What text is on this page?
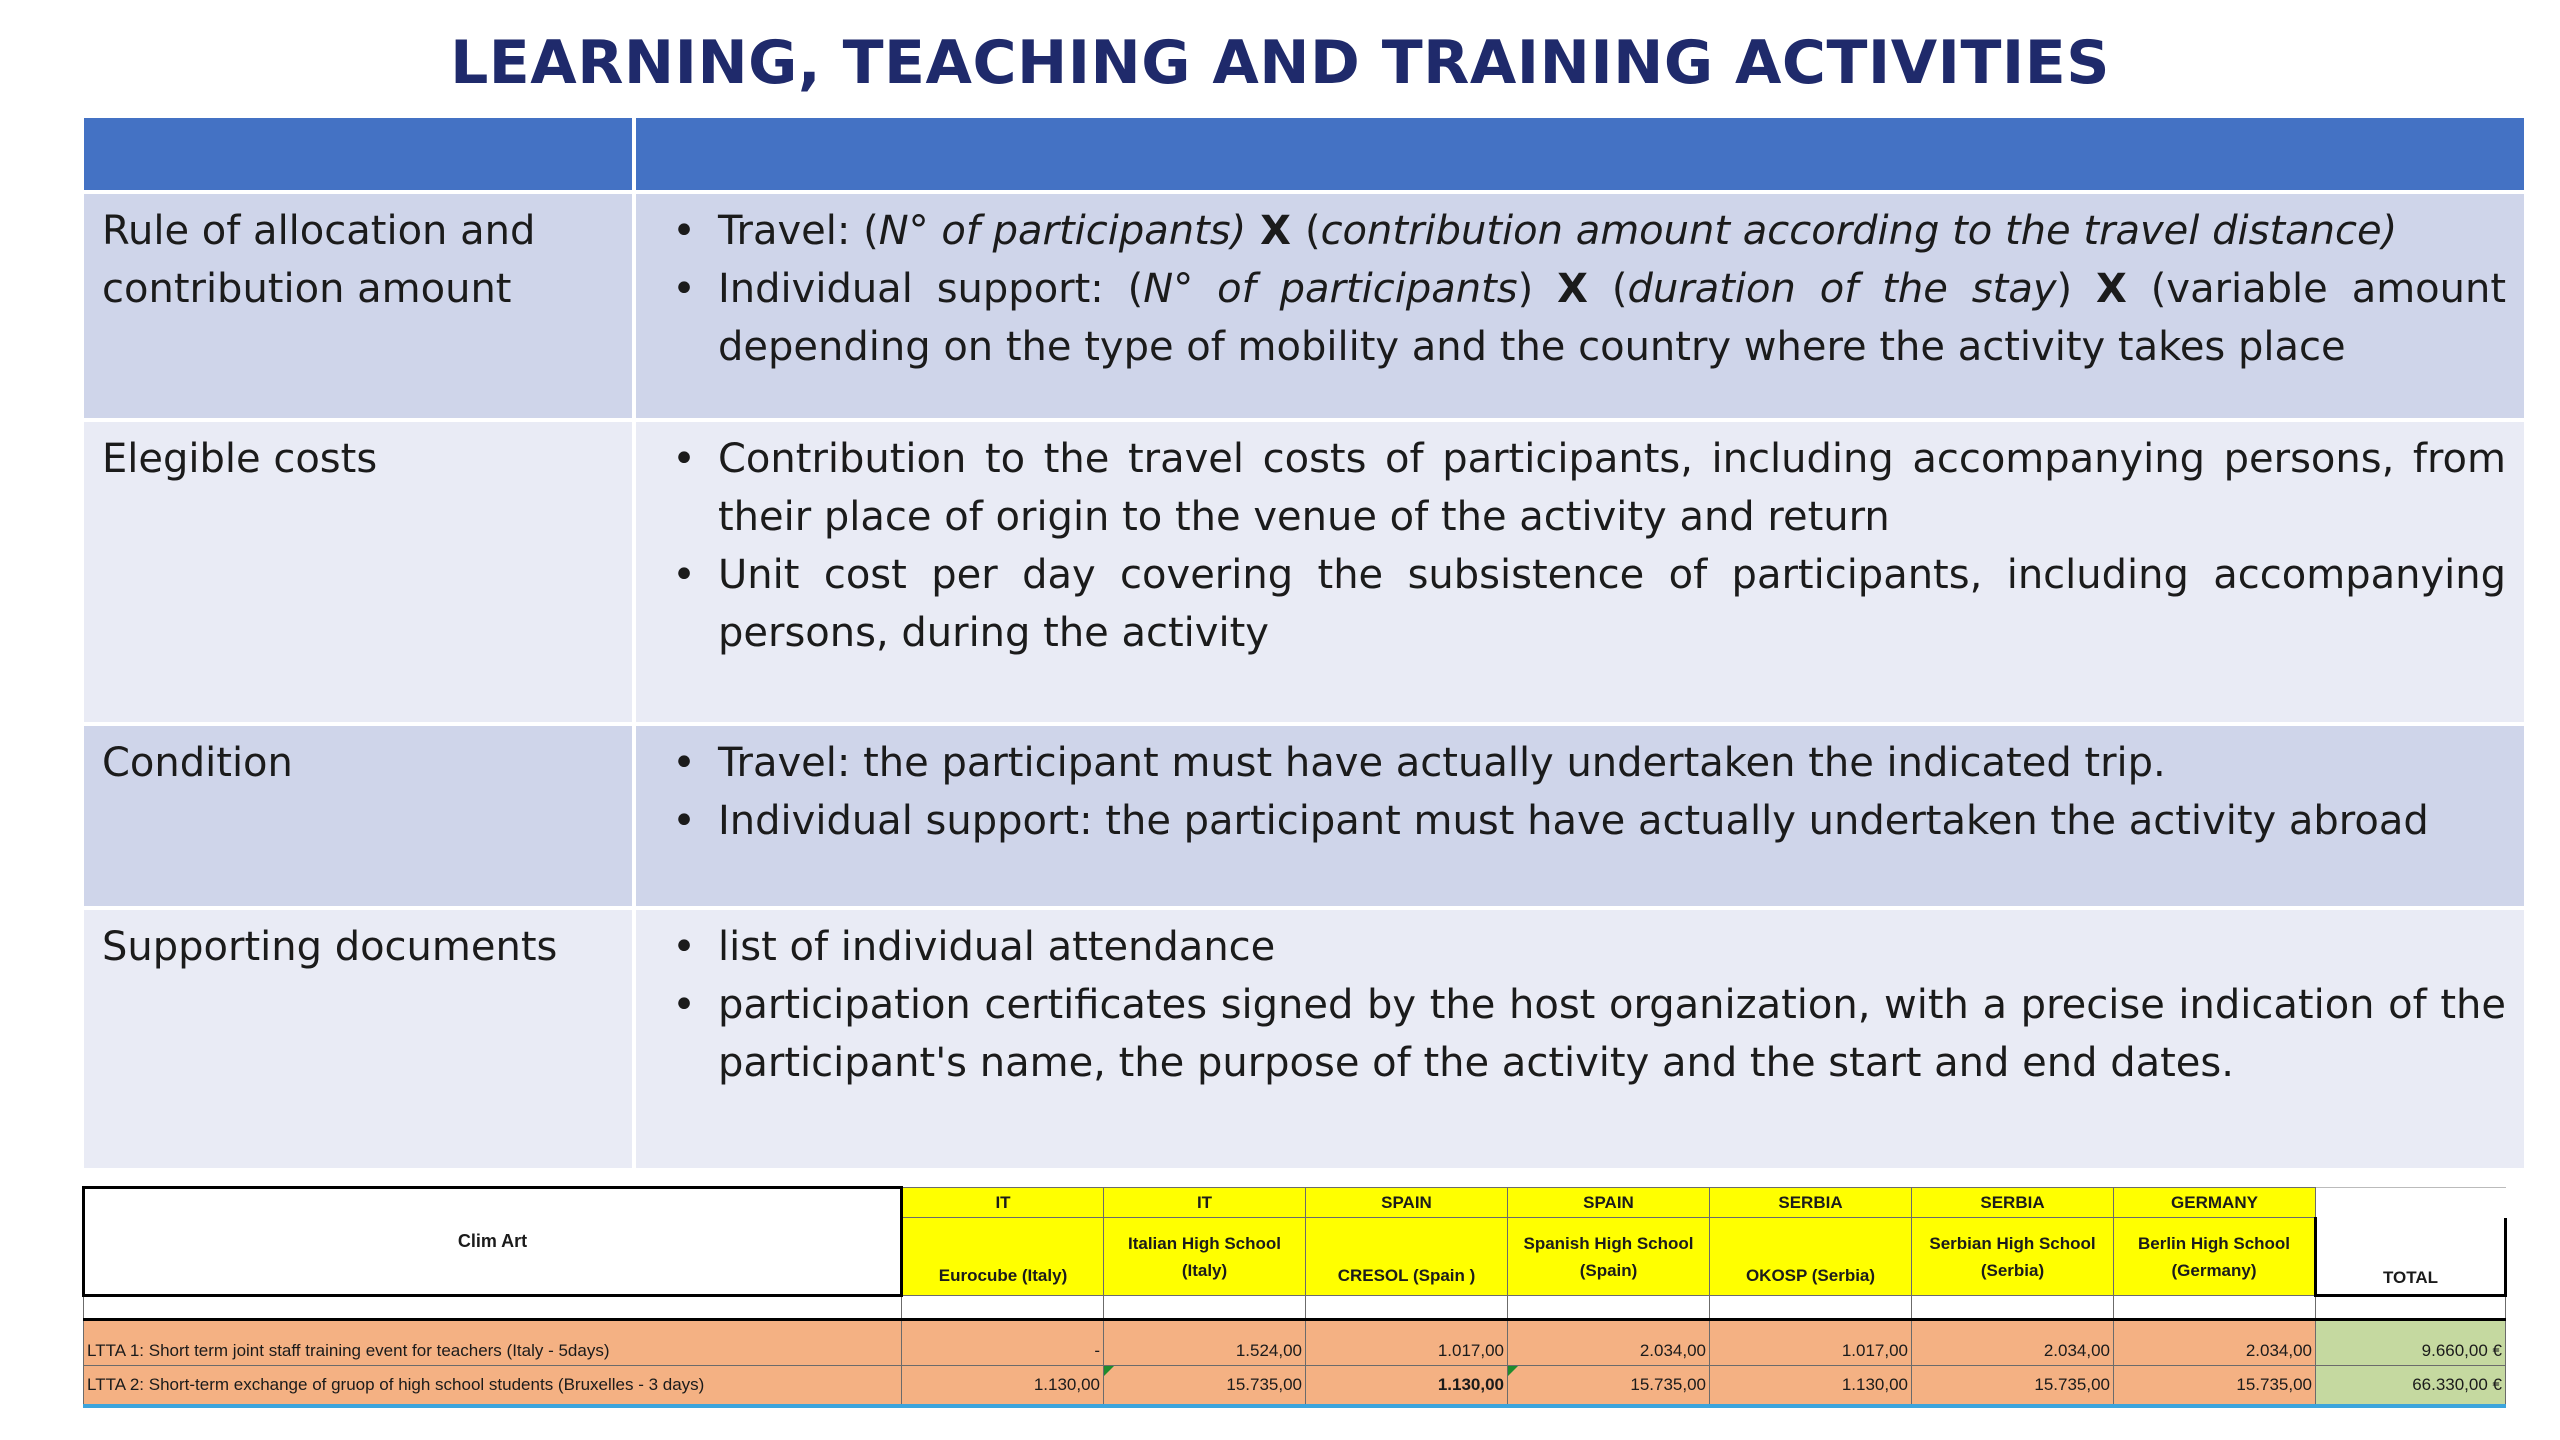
LEARNING, TEACHING AND TRAINING ACTIVITIES

Rule of allocation and contribution amount	• Travel: (N° of participants) X (contribution amount according to the travel distance)
• Individual support: (N° of participants) X (duration of the stay) X (variable amount depending on the type of mobility and the country where the activity takes place

Elegible costs	• Contribution to the travel costs of participants, including accompanying persons, from their place of origin to the venue of the activity and return
• Unit cost per day covering the subsistence of participants, including accompanying persons, during the activity

Condition	• Travel: the participant must have actually undertaken the indicated trip.
• Individual support: the participant must have actually undertaken the activity abroad

Supporting documents	• list of individual attendance
• participation certificates signed by the host organization, with a precise indication of the participant's name, the purpose of the activity and the start and end dates.
Clim Art	IT	IT	SPAIN	SPAIN	SERBIA	SERBIA	GERMANY	
	Eurocube (Italy)	Italian High School (Italy)	CRESOL (Spain )	Spanish High School (Spain)	OKOSP (Serbia)	Serbian High School (Serbia)	Berlin High School (Germany)	TOTAL

LTTA 1: Short term joint staff training event for teachers (Italy - 5days)	-	1.524,00	1.017,00	2.034,00	1.017,00	2.034,00	2.034,00	9.660,00 €
LTTA 2: Short-term exchange of gruop of high school students (Bruxelles - 3 days)	1.130,00	15.735,00	1.130,00	15.735,00	1.130,00	15.735,00	15.735,00	66.330,00 €
